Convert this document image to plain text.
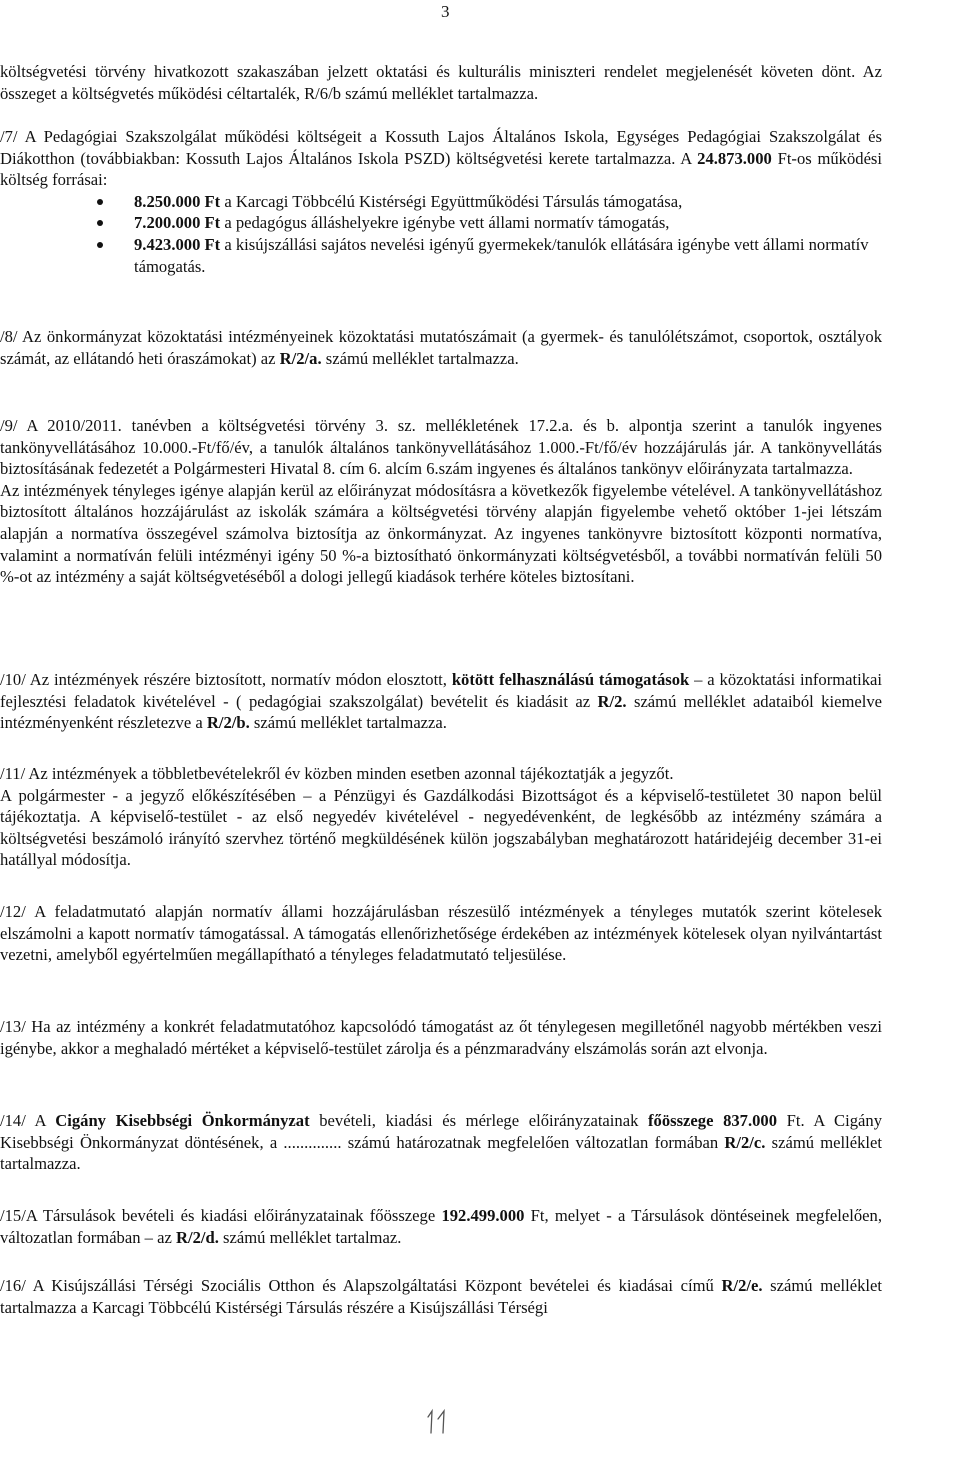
3

költségvetési törvény hivatkozott szakaszában jelzett oktatási és kulturális miniszteri rendelet megjelenését követen dönt. Az összeget a költségvetés működési céltartalék, R/6/b számú melléklet tartalmazza.

/7/ A Pedagógiai Szakszolgálat működési költségeit a Kossuth Lajos Általános Iskola, Egységes Pedagógiai Szakszolgálat és Diákotthon (továbbiakban: Kossuth Lajos Általános Iskola PSZD) költségvetési kerete tartalmazza. A 24.873.000 Ft-os működési költség forrásai:

8.250.000 Ft a Karcagi Többcélú Kistérségi Együttműködési Társulás támogatása,
7.200.000 Ft a pedagógus álláshelyekre igénybe vett állami normatív támogatás,
9.423.000 Ft a kisújszállási sajátos nevelési igényű gyermekek/tanulók ellátására igénybe vett állami normatív támogatás.

/8/ Az önkormányzat közoktatási intézményeinek közoktatási mutatószámait (a gyermek- és tanulólétszámot, csoportok, osztályok számát, az ellátandó heti óraszámokat) az R/2/a. számú melléklet tartalmazza.

/9/ A 2010/2011. tanévben a költségvetési törvény 3. sz. mellékletének 17.2.a. és b. alpontja szerint a tanulók ingyenes tankönyvellátásához 10.000.-Ft/fő/év, a tanulók általános tankönyvellátásához 1.000.-Ft/fő/év hozzájárulás jár. A tankönyvellátás biztosításának fedezetét a Polgármesteri Hivatal 8. cím 6. alcím 6.szám ingyenes és általános tankönyv előirányzata tartalmazza.

Az intézmények tényleges igénye alapján kerül az előirányzat módosításra a következők figyelembe vételével. A tankönyvellátáshoz biztosított általános hozzájárulást az iskolák számára a költségvetési törvény alapján figyelembe vehető október 1-jei létszám alapján a normatíva összegével számolva biztosítja az önkormányzat. Az ingyenes tankönyvre biztosított központi normatíva, valamint a normatíván felüli intézményi igény 50 %-a biztosítható önkormányzati költségvetésből, a további normatíván felüli 50 %-ot az intézmény a saját költségvetéséből a dologi jellegű kiadások terhére köteles biztosítani.

/10/ Az intézmények részére biztosított, normatív módon elosztott, kötött felhasználású támogatások – a közoktatási informatikai fejlesztési feladatok kivételével - ( pedagógiai szakszolgálat) bevételit és kiadásit az R/2. számú melléklet adataiból kiemelve intézményenként részletezve a R/2/b. számú melléklet tartalmazza.

/11/ Az intézmények a többletbevételekről év közben minden esetben azonnal tájékoztatják a jegyzőt.

A polgármester - a jegyző előkészítésében – a Pénzügyi és Gazdálkodási Bizottságot és a képviselő-testületet 30 napon belül tájékoztatja. A képviselő-testület - az első negyedév kivételével - negyedévenként, de legkésőbb az intézmény számára a költségvetési beszámoló irányító szervhez történő megküldésének külön jogszabályban meghatározott határidejéig december 31-ei hatállyal módosítja.

/12/ A feladatmutató alapján normatív állami hozzájárulásban részesülő intézmények a tényleges mutatók szerint kötelesek elszámolni a kapott normatív támogatással. A támogatás ellenőrizhetősége érdekében az intézmények kötelesek olyan nyilvántartást vezetni, amelyből egyértelműen megállapítható a tényleges feladatmutató teljesülése.

/13/ Ha az intézmény a konkrét feladatmutatóhoz kapcsolódó támogatást az őt ténylegesen megilletőnél nagyobb mértékben veszi igénybe, akkor a meghaladó mértéket a képviselő-testület zárolja és a pénzmaradvány elszámolás során azt elvonja.

/14/ A Cigány Kisebbségi Önkormányzat bevételi, kiadási és mérlege előirányzatainak főösszege 837.000 Ft. A Cigány Kisebbségi Önkormányzat döntésének, a .............. számú határozatnak megfelelően változatlan formában R/2/c. számú melléklet tartalmazza.

/15/A Társulások bevételi és kiadási előirányzatainak főösszege 192.499.000 Ft, melyet - a Társulások döntéseinek megfelelően, változatlan formában – az R/2/d. számú melléklet tartalmaz.

/16/ A Kisújszállási Térségi Szociális Otthon és Alapszolgáltatási Központ bevételei és kiadásai című R/2/e. számú melléklet tartalmazza a Karcagi Többcélú Kistérségi Társulás részére a Kisújszállási Térségi
